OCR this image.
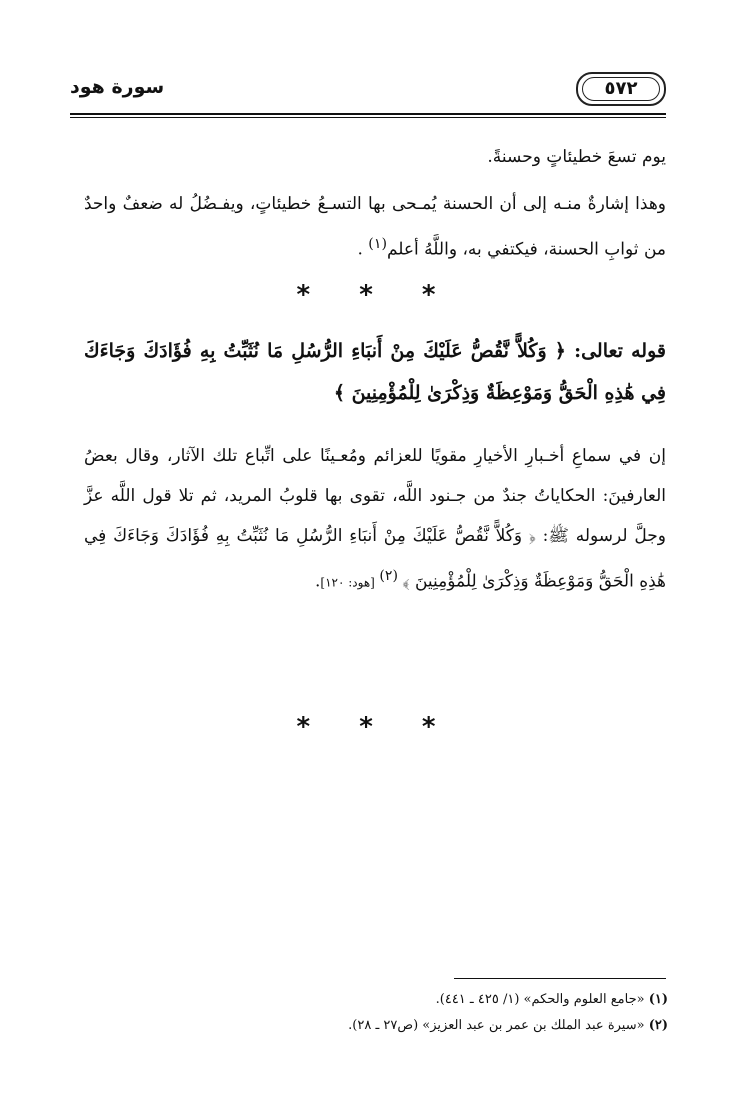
سورة هود	٥٧٢
يوم تسعَ خطيئاتٍ وحسنةً.
وهذا إشارةٌ منـه إلى أن الحسنة يُمـحى بها التسـعُ خطيئاتٍ، ويفـضُلُ له ضعفٌ واحدٌ من ثوابِ الحسنة، فيكتفي به، واللَّهُ أعلم$^{(١)}$ .
* * *
قوله تعالى: ﴿ وَكُلاًّ نَّقُصُّ عَلَيْكَ مِنْ أَنبَاءِ الرُّسُلِ مَا نُثَبِّتُ بِهِ فُؤَادَكَ وَجَاءَكَ فِي هَٰذِهِ الْحَقُّ وَمَوْعِظَةٌ وَذِكْرَىٰ لِلْمُؤْمِنِينَ ﴾
إن في سماعِ أخـبارِ الأخيارِ مقويًا للعزائم ومُعـينًا على اتِّباع تلك الآثار، وقال بعضُ العارفينَ: الحكاياتُ جندٌ من جـنود اللَّه، تقوى بها قلوبُ المريد، ثم تلا قول اللَّه عزَّ وجلَّ لرسوله ﷺ: ﴿ وَكُلاًّ نَّقُصُّ عَلَيْكَ مِنْ أَنبَاءِ الرُّسُلِ مَا نُثَبِّتُ بِهِ فُؤَادَكَ وَجَاءَكَ فِي هَٰذِهِ الْحَقُّ وَمَوْعِظَةٌ وَذِكْرَىٰ لِلْمُؤْمِنِينَ ﴾ $^{(٢)}$ [هود: ١٢٠].
* * *
(١) «جامع العلوم والحكم» (١/ ٤٢٥ ـ ٤٤١).
(٢) «سيرة عبد الملك بن عمر بن عبد العزيز» (ص٢٧ ـ ٢٨).
